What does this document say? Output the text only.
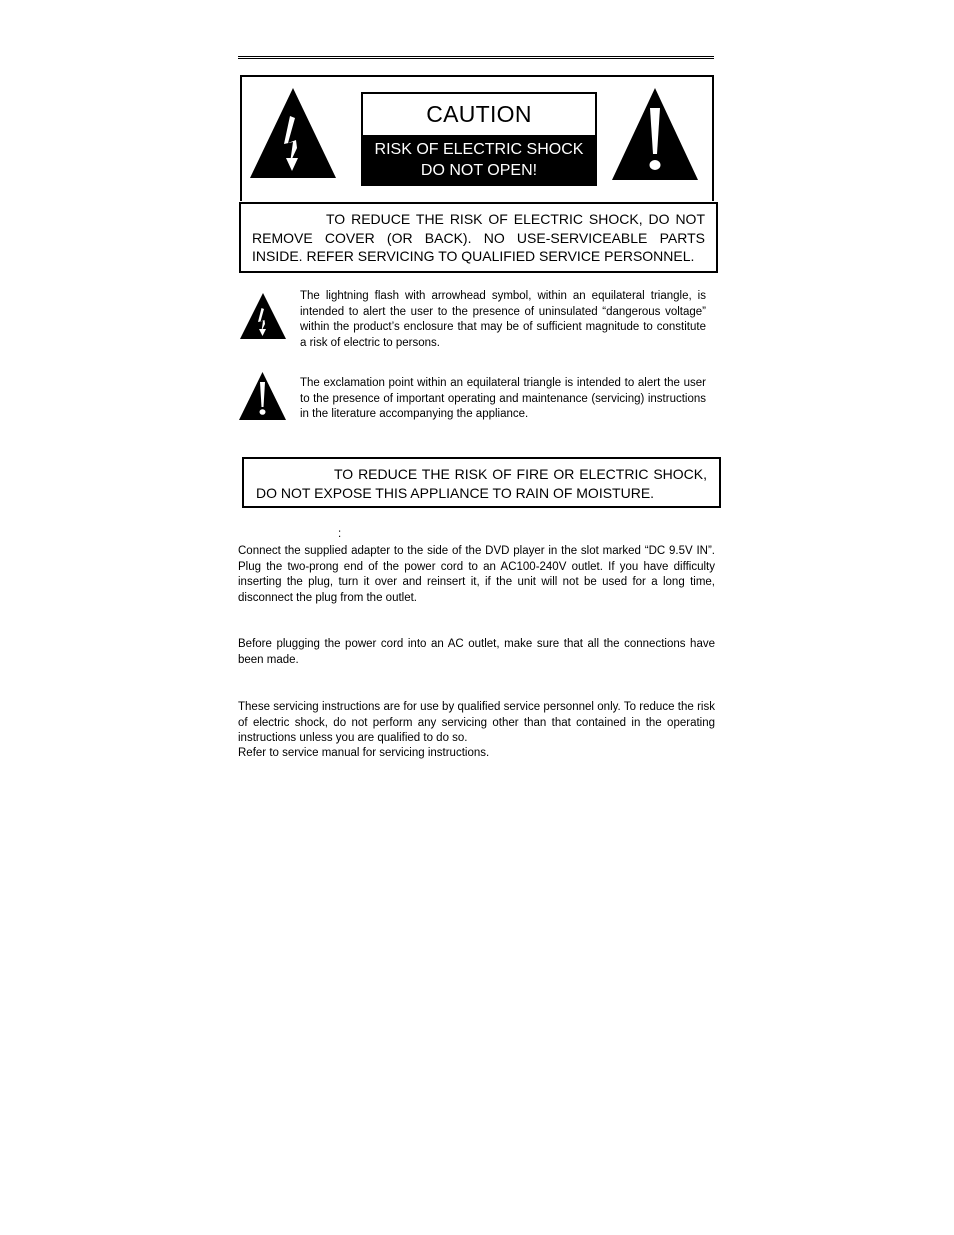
CAUTION
RISK OF ELECTRIC SHOCK
DO NOT OPEN!

TO REDUCE THE RISK OF ELECTRIC SHOCK, DO NOT REMOVE COVER (OR BACK). NO USE-SERVICEABLE PARTS INSIDE. REFER SERVICING TO QUALIFIED SERVICE PERSONNEL.

The lightning flash with arrowhead symbol, within an equilateral triangle, is intended to alert the user to the presence of uninsulated “dangerous voltage” within the product’s enclosure that may be of sufficient magnitude to constitute a risk of electric to persons.

The exclamation point within an equilateral triangle is intended to alert the user to the presence of important operating and maintenance (servicing) instructions in the literature accompanying the appliance.

TO REDUCE THE RISK OF FIRE OR ELECTRIC SHOCK, DO NOT EXPOSE THIS APPLIANCE TO RAIN OF MOISTURE.

:

Connect the supplied adapter to the side of the DVD player in the slot marked “DC 9.5V IN”. Plug the two-prong end of the power cord to an AC100-240V outlet. If you have difficulty inserting the plug, turn it over and reinsert it, if the unit will not be used for a long time, disconnect the plug from the outlet.

Before plugging the power cord into an AC outlet, make sure that all the connections have been made.

These servicing instructions are for use by qualified service personnel only. To reduce the risk of electric shock, do not perform any servicing other than that contained in the operating instructions unless you are qualified to do so.

Refer to service manual for servicing instructions.
